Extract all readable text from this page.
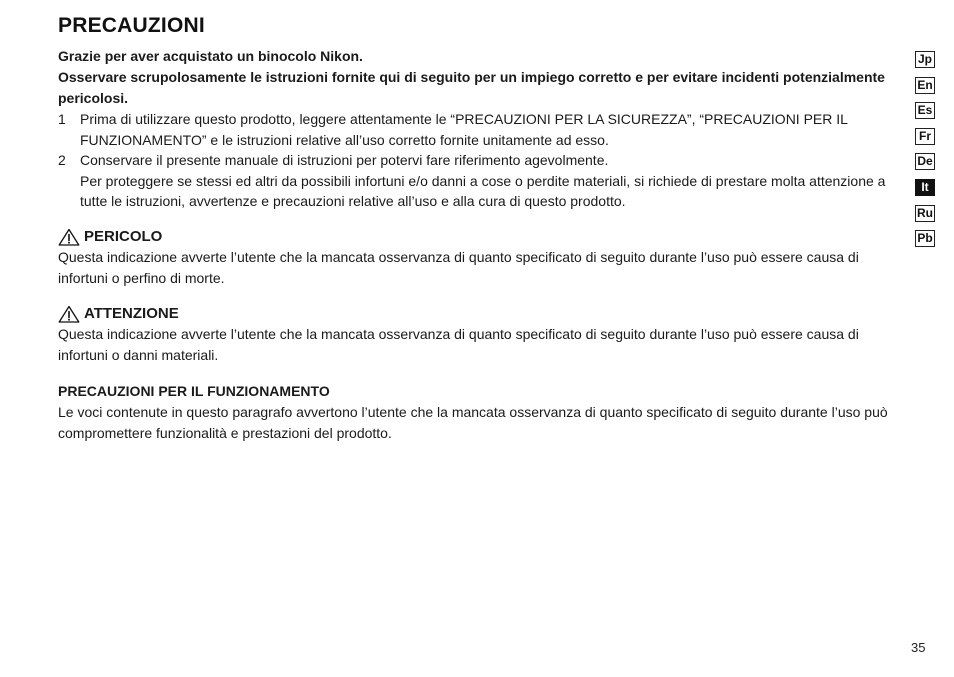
PRECAUZIONI

Grazie per aver acquistato un binocolo Nikon.

Osservare scrupolosamente le istruzioni fornite qui di seguito per un impiego corretto e per evitare incidenti potenzialmente pericolosi.

1	Prima di utilizzare questo prodotto, leggere attentamente le “PRECAUZIONI PER LA SICUREZZA”, “PRECAUZIONI PER IL FUNZIONAMENTO” e le istruzioni relative all’uso corretto fornite unitamente ad esso.
2	Conservare il presente manuale di istruzioni per potervi fare riferimento agevolmente.

Per proteggere se stessi ed altri da possibili infortuni e/o danni a cose o perdite materiali, si richiede di prestare molta attenzione a tutte le istruzioni, avvertenze e precauzioni relative all’uso e alla cura di questo prodotto.

PERICOLO

Questa indicazione avverte l’utente che la mancata osservanza di quanto specificato di seguito durante l’uso può essere causa di infortuni o perfino di morte.

ATTENZIONE

Questa indicazione avverte l’utente che la mancata osservanza di quanto specificato di seguito durante l’uso può essere causa di infortuni o danni materiali.

PRECAUZIONI PER IL FUNZIONAMENTO

Le voci contenute in questo paragrafo avvertono l’utente che la mancata osservanza di quanto specificato di seguito durante l’uso può compromettere funzionalità e prestazioni del prodotto.

Jp
En
Es
Fr
De
It
Ru
Pb
35
